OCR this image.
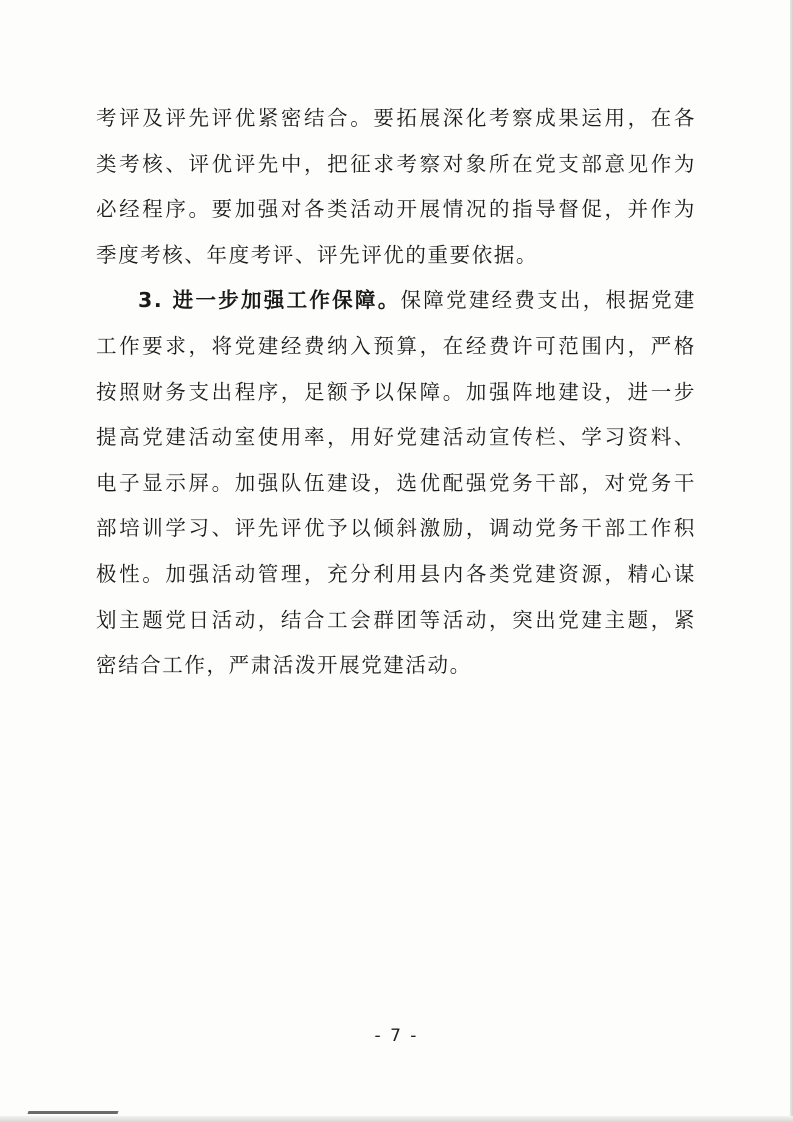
考评及评先评优紧密结合。要拓展深化考察成果运用，在各
类考核、评优评先中，把征求考察对象所在党支部意见作为
必经程序。要加强对各类活动开展情况的指导督促，并作为
季度考核、年度考评、评先评优的重要依据。
3. 进一步加强工作保障。保障党建经费支出，根据党建
工作要求，将党建经费纳入预算，在经费许可范围内，严格
按照财务支出程序，足额予以保障。加强阵地建设，进一步
提高党建活动室使用率，用好党建活动宣传栏、学习资料、
电子显示屏。加强队伍建设，选优配强党务干部，对党务干
部培训学习、评先评优予以倾斜激励，调动党务干部工作积
极性。加强活动管理，充分利用县内各类党建资源，精心谋
划主题党日活动，结合工会群团等活动，突出党建主题，紧
密结合工作，严肃活泼开展党建活动。
- 7 -
